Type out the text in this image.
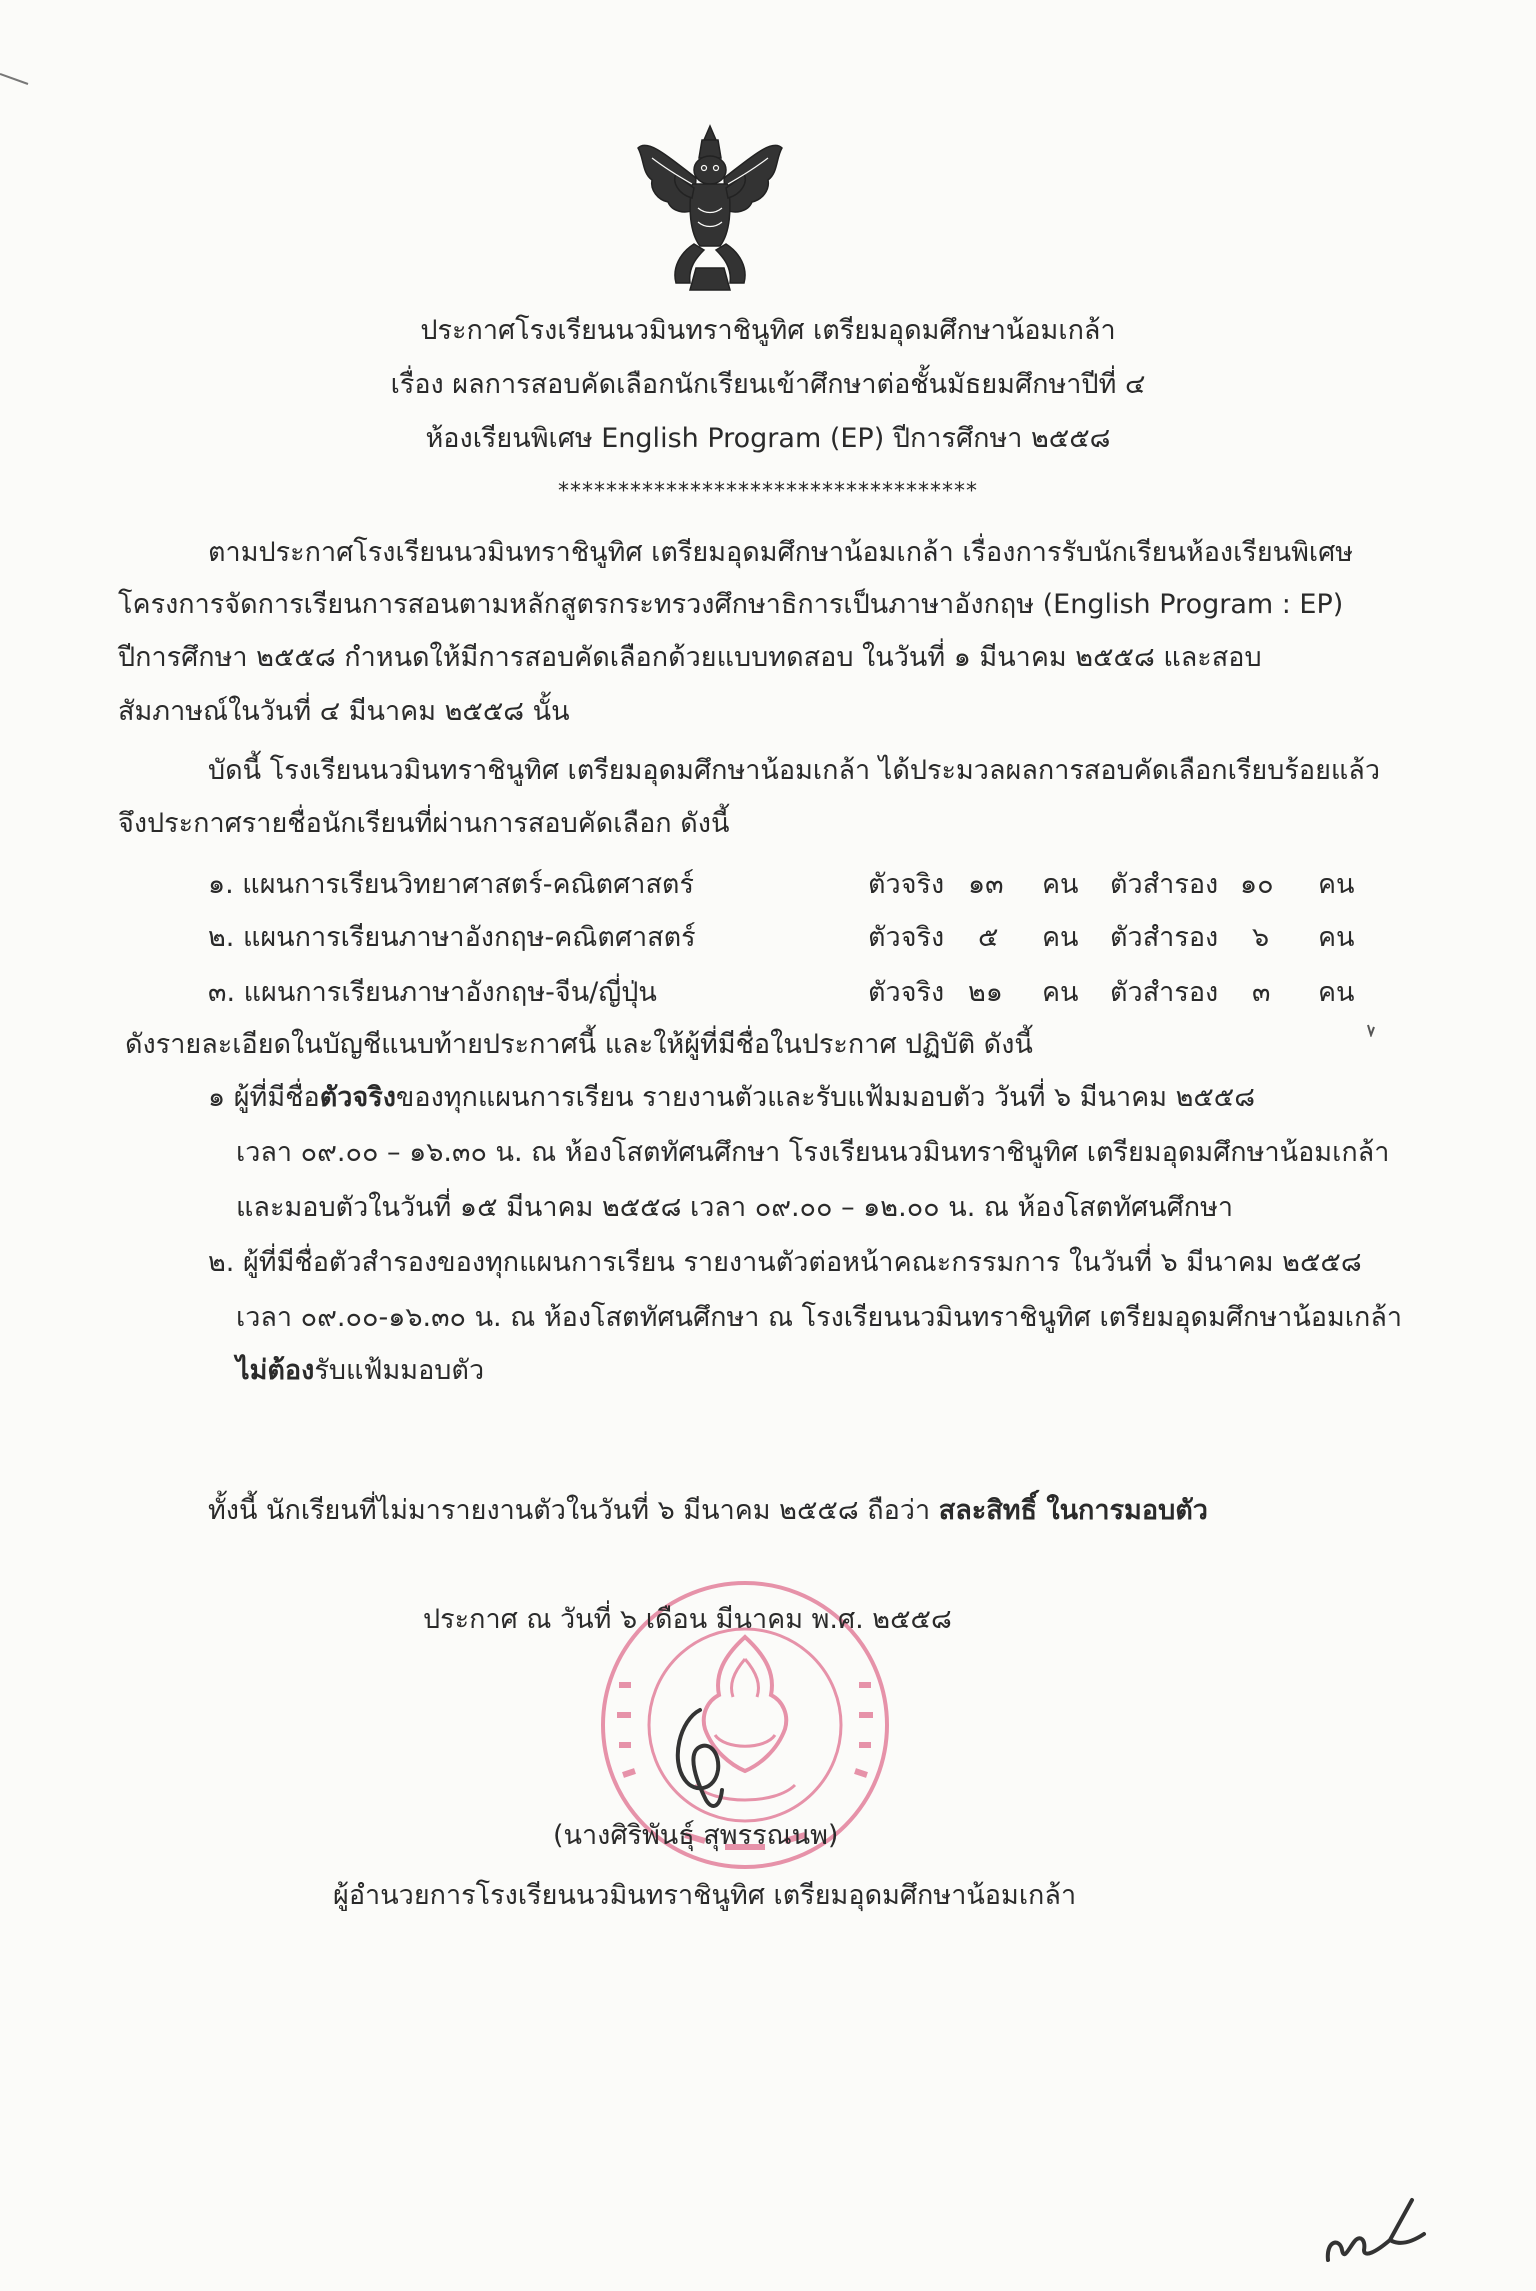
ประกาศโรงเรียนนวมินทราชินูทิศ เตรียมอุดมศึกษาน้อมเกล้า
เรื่อง ผลการสอบคัดเลือกนักเรียนเข้าศึกษาต่อชั้นมัธยมศึกษาปีที่ ๔
ห้องเรียนพิเศษ English Program (EP) ปีการศึกษา ๒๕๕๘
***********************************
ตามประกาศโรงเรียนนวมินทราชินูทิศ เตรียมอุดมศึกษาน้อมเกล้า เรื่องการรับนักเรียนห้องเรียนพิเศษ
โครงการจัดการเรียนการสอนตามหลักสูตรกระทรวงศึกษาธิการเป็นภาษาอังกฤษ (English Program : EP)
ปีการศึกษา ๒๕๕๘ กำหนดให้มีการสอบคัดเลือกด้วยแบบทดสอบ ในวันที่ ๑ มีนาคม ๒๕๕๘ และสอบ
สัมภาษณ์ในวันที่ ๔ มีนาคม ๒๕๕๘ นั้น
บัดนี้ โรงเรียนนวมินทราชินูทิศ เตรียมอุดมศึกษาน้อมเกล้า ได้ประมวลผลการสอบคัดเลือกเรียบร้อยแล้ว
จึงประกาศรายชื่อนักเรียนที่ผ่านการสอบคัดเลือก ดังนี้
๑. แผนการเรียนวิทยาศาสตร์-คณิตศาสตร์	ตัวจริง ๑๓ คน ตัวสำรอง ๑๐ คน
๒. แผนการเรียนภาษาอังกฤษ-คณิตศาสตร์	ตัวจริง ๕ คน ตัวสำรอง ๖ คน
๓. แผนการเรียนภาษาอังกฤษ-จีน/ญี่ปุ่น	ตัวจริง ๒๑ คน ตัวสำรอง ๓ คน
ดังรายละเอียดในบัญชีแนบท้ายประกาศนี้ และให้ผู้ที่มีชื่อในประกาศ ปฏิบัติ ดังนี้
๑ ผู้ที่มีชื่อตัวจริงของทุกแผนการเรียน รายงานตัวและรับแฟ้มมอบตัว วันที่ ๖ มีนาคม ๒๕๕๘
เวลา ๐๙.๐๐ – ๑๖.๓๐ น. ณ ห้องโสตทัศนศึกษา โรงเรียนนวมินทราชินูทิศ เตรียมอุดมศึกษาน้อมเกล้า
และมอบตัวในวันที่ ๑๕ มีนาคม ๒๕๕๘ เวลา ๐๙.๐๐ – ๑๒.๐๐ น. ณ ห้องโสตทัศนศึกษา
๒. ผู้ที่มีชื่อตัวสำรองของทุกแผนการเรียน รายงานตัวต่อหน้าคณะกรรมการ ในวันที่ ๖ มีนาคม ๒๕๕๘
เวลา ๐๙.๐๐-๑๖.๓๐ น. ณ ห้องโสตทัศนศึกษา ณ โรงเรียนนวมินทราชินูทิศ เตรียมอุดมศึกษาน้อมเกล้า
ไม่ต้องรับแฟ้มมอบตัว
ทั้งนี้ นักเรียนที่ไม่มารายงานตัวในวันที่ ๖ มีนาคม ๒๕๕๘ ถือว่า สละสิทธิ์ ในการมอบตัว
ประกาศ ณ วันที่ ๖ เดือน มีนาคม พ.ศ. ๒๕๕๘
(นางศิริพันธุ์ สุพรรณนพ)
ผู้อำนวยการโรงเรียนนวมินทราชินูทิศ เตรียมอุดมศึกษาน้อมเกล้า
